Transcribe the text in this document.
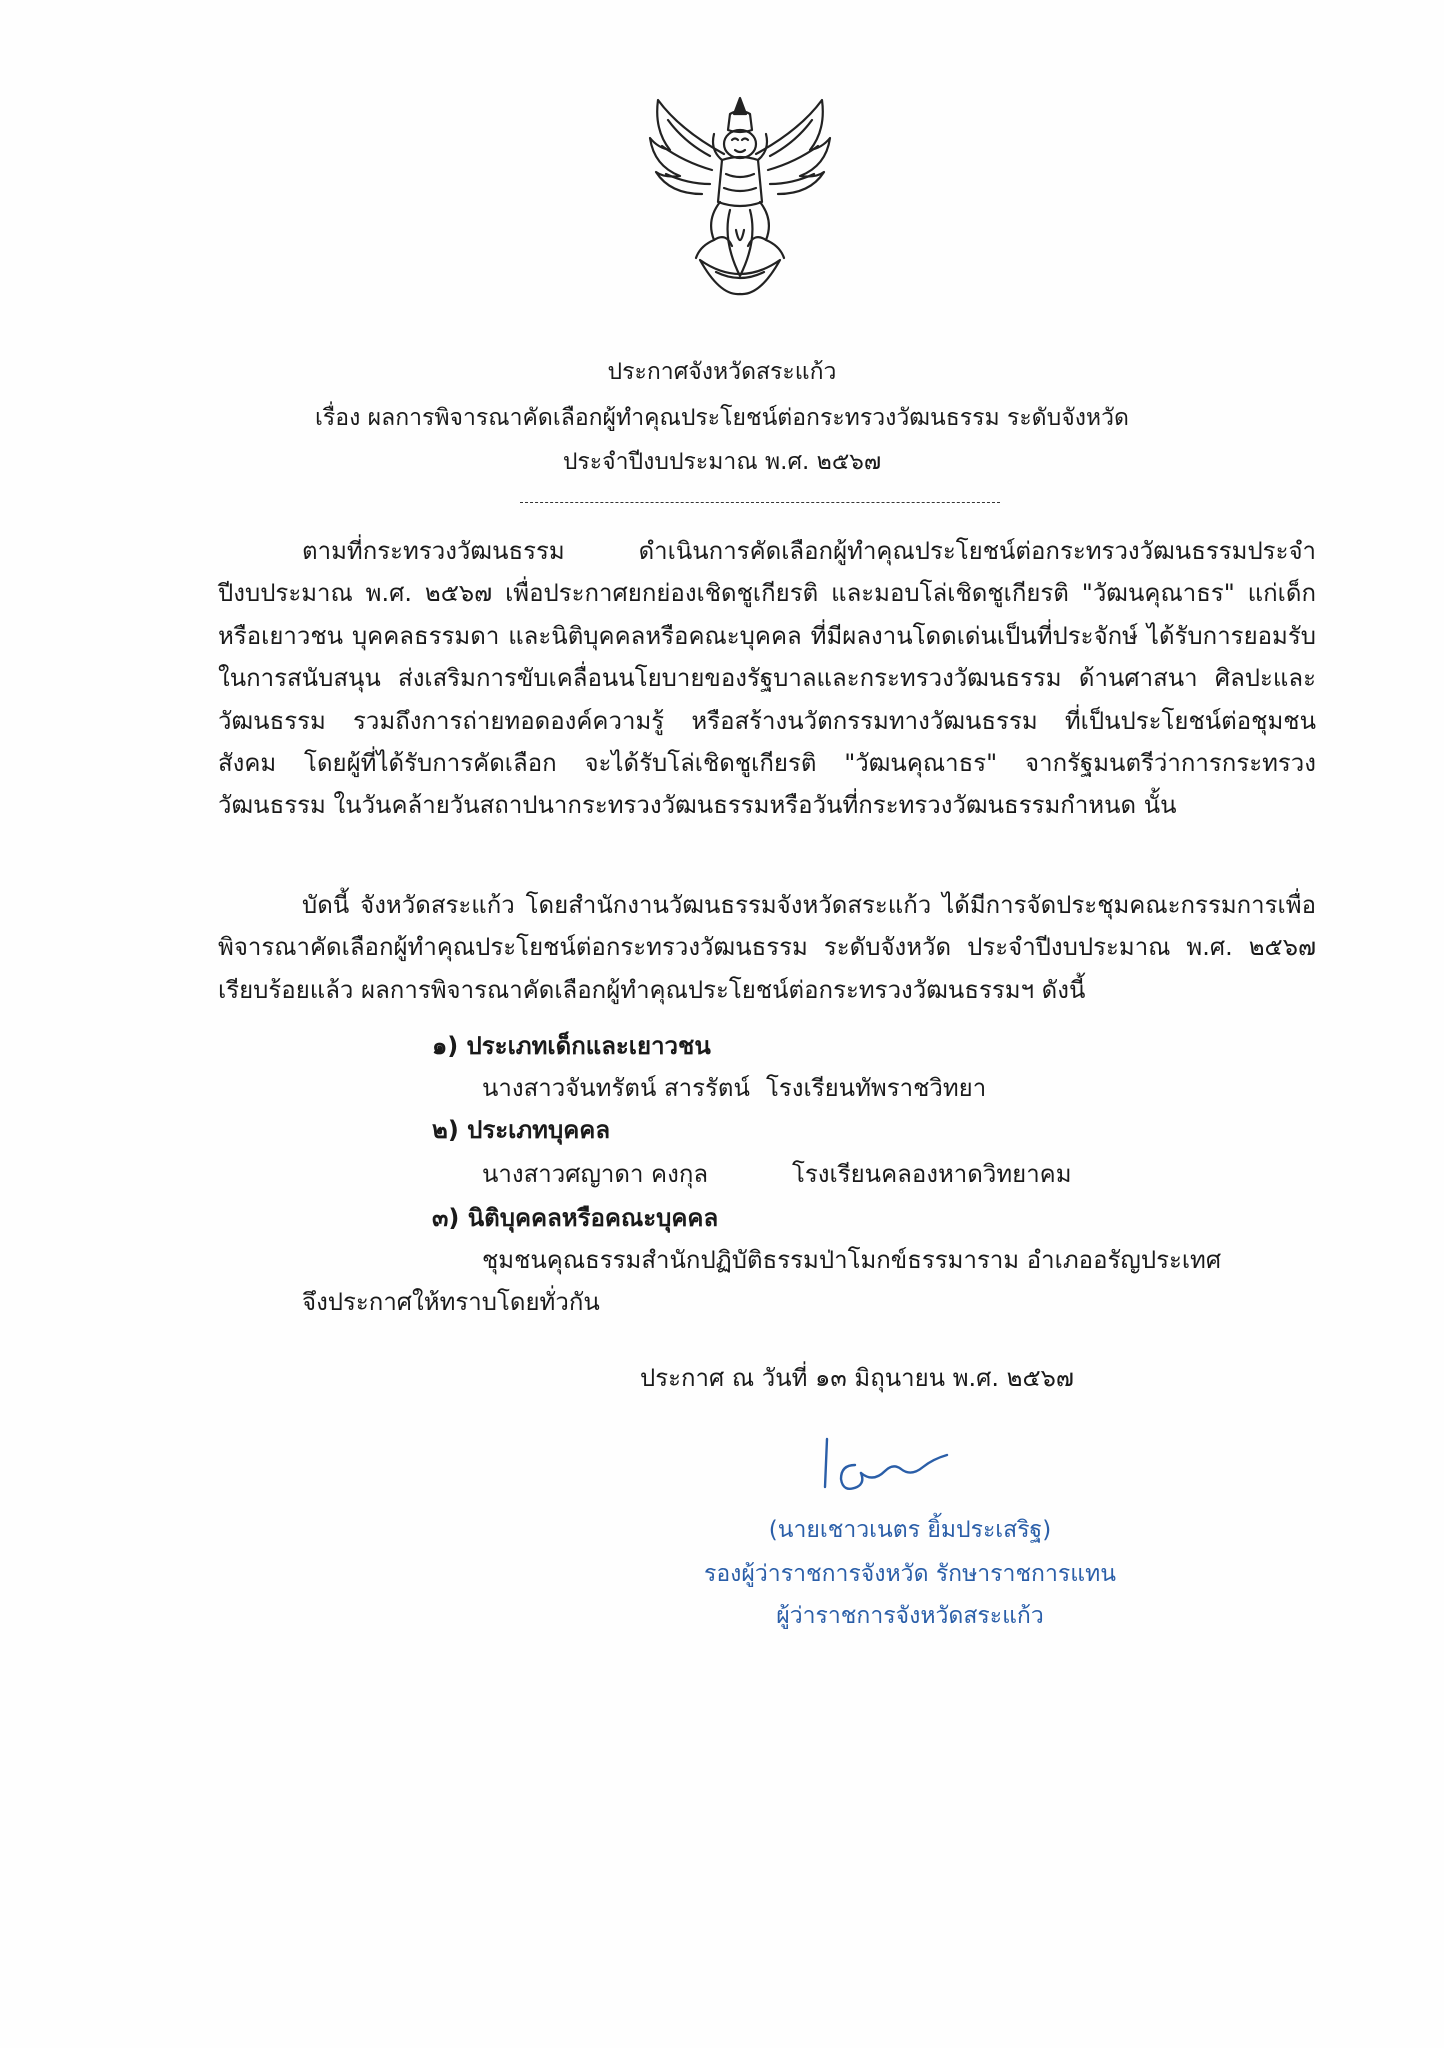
ประกาศจังหวัดสระแก้ว
เรื่อง ผลการพิจารณาคัดเลือกผู้ทำคุณประโยชน์ต่อกระทรวงวัฒนธรรม ระดับจังหวัด
ประจำปีงบประมาณ พ.ศ. ๒๕๖๗

ตามที่กระทรวงวัฒนธรรม ดำเนินการคัดเลือกผู้ทำคุณประโยชน์ต่อกระทรวงวัฒนธรรมประจำปีงบประมาณ พ.ศ. ๒๕๖๗ เพื่อประกาศยกย่องเชิดชูเกียรติ และมอบโล่เชิดชูเกียรติ "วัฒนคุณาธร" แก่เด็กหรือเยาวชน บุคคลธรรมดา และนิติบุคคลหรือคณะบุคคล ที่มีผลงานโดดเด่นเป็นที่ประจักษ์ ได้รับการยอมรับ ในการสนับสนุน ส่งเสริมการขับเคลื่อนนโยบายของรัฐบาลและกระทรวงวัฒนธรรม ด้านศาสนา ศิลปะและวัฒนธรรม รวมถึงการถ่ายทอดองค์ความรู้ หรือสร้างนวัตกรรมทางวัฒนธรรม ที่เป็นประโยชน์ต่อชุมชน สังคม โดยผู้ที่ได้รับการคัดเลือก จะได้รับโล่เชิดชูเกียรติ "วัฒนคุณาธร" จากรัฐมนตรีว่าการกระทรวงวัฒนธรรม ในวันคล้ายวันสถาปนากระทรวงวัฒนธรรมหรือวันที่กระทรวงวัฒนธรรมกำหนด นั้น

บัดนี้ จังหวัดสระแก้ว โดยสำนักงานวัฒนธรรมจังหวัดสระแก้ว ได้มีการจัดประชุมคณะกรรมการเพื่อพิจารณาคัดเลือกผู้ทำคุณประโยชน์ต่อกระทรวงวัฒนธรรม ระดับจังหวัด ประจำปีงบประมาณ พ.ศ. ๒๕๖๗ เรียบร้อยแล้ว ผลการพิจารณาคัดเลือกผู้ทำคุณประโยชน์ต่อกระทรวงวัฒนธรรมฯ ดังนี้

๑) ประเภทเด็กและเยาวชน
นางสาวจันทรัตน์ สารรัตน์ โรงเรียนทัพราชวิทยา
๒) ประเภทบุคคล
นางสาวศญาดา คงกุล	โรงเรียนคลองหาดวิทยาคม
๓) นิติบุคคลหรือคณะบุคคล
ชุมชนคุณธรรมสำนักปฏิบัติธรรมป่าโมกข์ธรรมาราม อำเภออรัญประเทศ
จึงประกาศให้ทราบโดยทั่วกัน
ประกาศ ณ วันที่ ๑๓ มิถุนายน พ.ศ. ๒๕๖๗
(นายเชาวเนตร ยิ้มประเสริฐ)
รองผู้ว่าราชการจังหวัด รักษาราชการแทน
ผู้ว่าราชการจังหวัดสระแก้ว
